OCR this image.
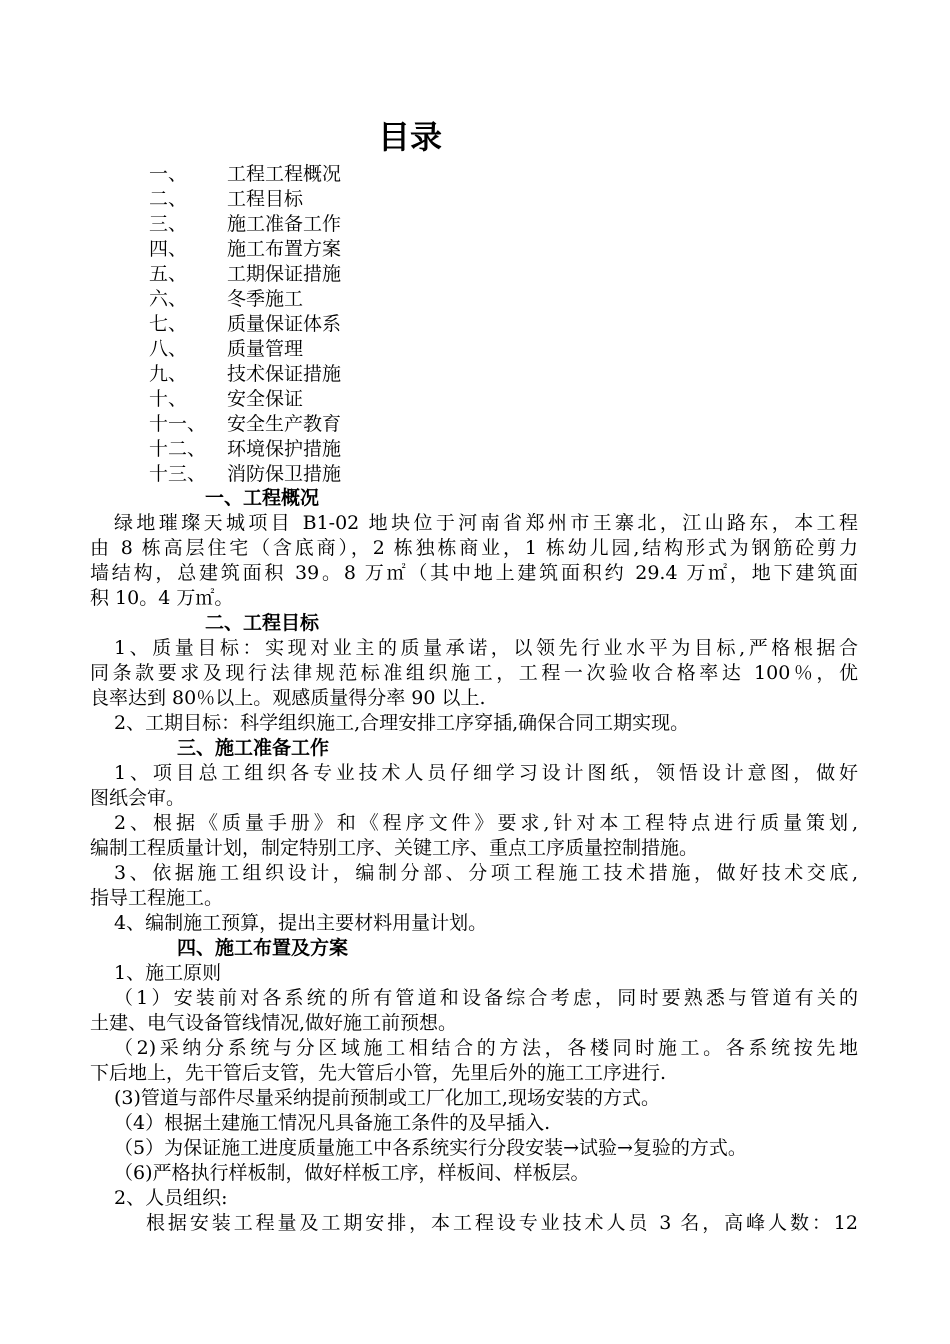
目录
一、 工程工程概况
二、 工程目标
三、 施工准备工作
四、 施工布置方案
五、 工期保证措施
六、 冬季施工
七、 质量保证体系
八、 质量管理
九、 技术保证措施
十、 安全保证
十一、 安全生产教育
十二、 环境保护措施
十三、 消防保卫措施
一、工程概况
绿地璀璨天城项目 B1-02 地块位于河南省郑州市王寨北，江山路东，本工程
由 8 栋高层住宅（含底商），2 栋独栋商业，1 栋幼儿园,结构形式为钢筋砼剪力
墙结构，总建筑面积 39。8 万㎡（其中地上建筑面积约 29.4 万㎡，地下建筑面
积 10。4 万㎡。
二、工程目标
1、质量目标：实现对业主的质量承诺，以领先行业水平为目标,严格根据合
同条款要求及现行法律规范标准组织施工，工程一次验收合格率达 100％，优
良率达到 80％以上。观感质量得分率 90 以上.
2、工期目标：科学组织施工,合理安排工序穿插,确保合同工期实现。
三、施工准备工作
1、项目总工组织各专业技术人员仔细学习设计图纸，领悟设计意图，做好
图纸会审。
2、根据《质量手册》和《程序文件》要求,针对本工程特点进行质量策划,
编制工程质量计划，制定特别工序、关键工序、重点工序质量控制措施。
3、依据施工组织设计，编制分部、分项工程施工技术措施，做好技术交底,
指导工程施工。
4、编制施工预算，提出主要材料用量计划。
四、施工布置及方案
1、施工原则
（1）安装前对各系统的所有管道和设备综合考虑，同时要熟悉与管道有关的
土建、电气设备管线情况,做好施工前预想。
（2)采纳分系统与分区域施工相结合的方法，各楼同时施工。各系统按先地
下后地上，先干管后支管，先大管后小管，先里后外的施工工序进行.
(3)管道与部件尽量采纳提前预制或工厂化加工,现场安装的方式。
（4）根据土建施工情况凡具备施工条件的及早插入.
（5）为保证施工进度质量施工中各系统实行分段安装→试验→复验的方式。
（6)严格执行样板制，做好样板工序，样板间、样板层。
2、人员组织:
根据安装工程量及工期安排，本工程设专业技术人员 3 名，高峰人数：12
